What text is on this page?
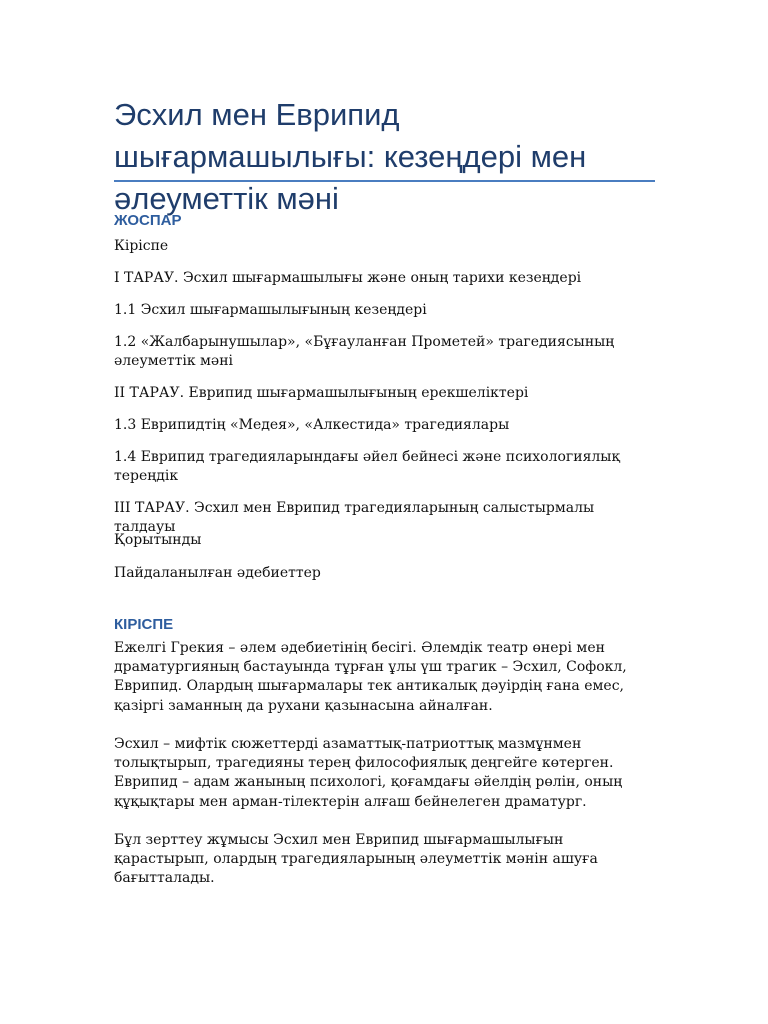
Эсхил мен Еврипид шығармашылығы: кезеңдері мен әлеуметтік мәні
ЖОСПАР

Кіріспе

І ТАРАУ. Эсхил шығармашылығы және оның тарихи кезеңдері

1.1 Эсхил шығармашылығының кезеңдері

1.2 «Жалбарынушылар», «Бұғауланған Прометей» трагедиясының әлеуметтік мәні

ІІ ТАРАУ. Еврипид шығармашылығының ерекшеліктері

1.3 Еврипидтің «Медея», «Алкестида» трагедиялары

1.4 Еврипид трагедияларындағы әйел бейнесі және психологиялық тереңдік

ІІІ ТАРАУ. Эсхил мен Еврипид трагедияларының салыстырмалы талдауы

Қорытынды

Пайдаланылған әдебиеттер

КІРІСПЕ

Ежелгі Грекия – әлем әдебиетінің бесігі. Әлемдік театр өнері мен драматургияның бастауында тұрған ұлы үш трагик – Эсхил, Софокл, Еврипид. Олардың шығармалары тек антикалық дәуірдің ғана емес, қазіргі заманның да рухани қазынасына айналған.

Эсхил – мифтік сюжеттерді азаматтық-патриоттық мазмұнмен толықтырып, трагедияны терең философиялық деңгейге көтерген. Еврипид – адам жанының психологі, қоғамдағы әйелдің рөлін, оның құқықтары мен арман-тілектерін алғаш бейнелеген драматург.

Бұл зерттеу жұмысы Эсхил мен Еврипид шығармашылығын қарастырып, олардың трагедияларының әлеуметтік мәнін ашуға бағытталады.
